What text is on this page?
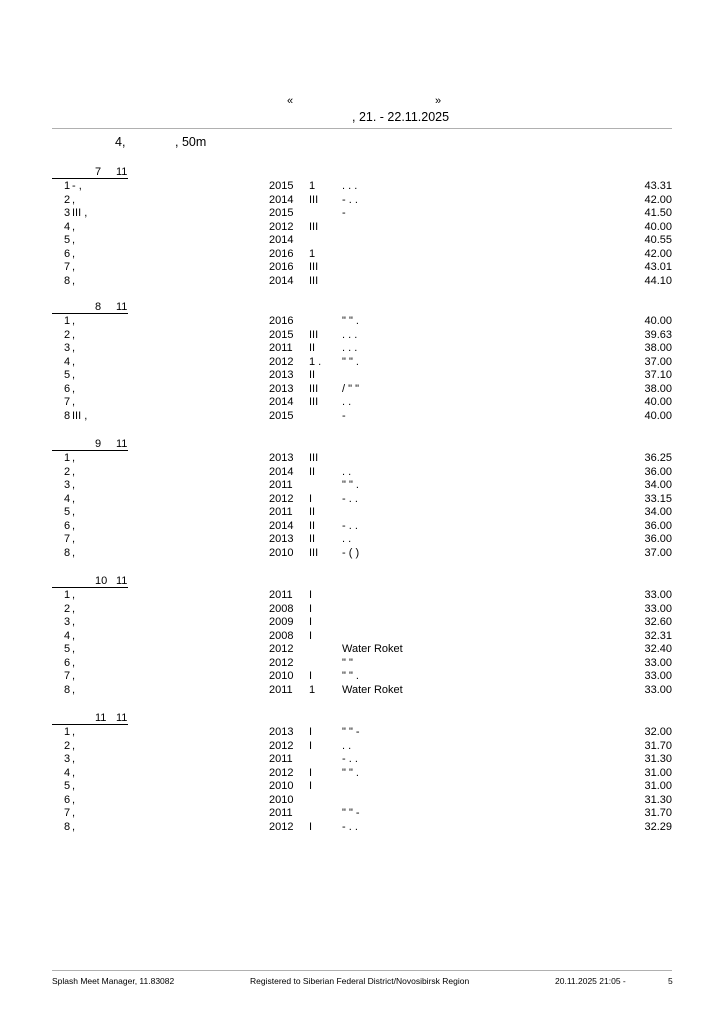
«	»
, 21. - 22.11.2025
4,	, 50m
7 11
1 - ,	2015 1 . . .	43.31
2 ,	2014 III - . .	42.00
3 III ,	2015	-	41.50
4 ,	2012 III	40.00
5 ,	2014	40.55
6 ,	2016 1	42.00
7 ,	2016 III	43.01
8 ,	2014 III	44.10
8 11
1 ,	2016	" " .	40.00
2 ,	2015 III . . .	39.63
3 ,	2011 II . . .	38.00
4 ,	2012 1 . " " .	37.00
5 ,	2013 II	37.10
6 ,	2013 III / " "	38.00
7 ,	2014 III . .	40.00
8 III ,	2015	-	40.00
9 11
1 ,	2013 III	36.25
2 ,	2014 II . .	36.00
3 ,	2011	" " .	34.00
4 ,	2012 I	- . .	33.15
5 ,	2011 II	34.00
6 ,	2014 II - . .	36.00
7 ,	2013 II . .	36.00
8 ,	2010 III - ( )	37.00
10 11
1 ,	2011 I	33.00
2 ,	2008 I	33.00
3 ,	2009 I	32.60
4 ,	2008 I	32.31
5 ,	2012	Water Roket	32.40
6 ,	2012	" "	33.00
7 ,	2010 I	" " .	33.00
8 ,	2011 1 Water Roket	33.00
11 11
1 ,	2013 I	" " -	32.00
2 ,	2012 I	. .	31.70
3 ,	2011	- . .	31.30
4 ,	2012 I	" " .	31.00
5 ,	2010 I	31.00
6 ,	2010	31.30
7 ,	2011	" " -	31.70
8 ,	2012 I	- . .	32.29
Splash Meet Manager, 11.83082	Registered to Siberian Federal District/Novosibirsk Region	20.11.2025 21:05 -	5
